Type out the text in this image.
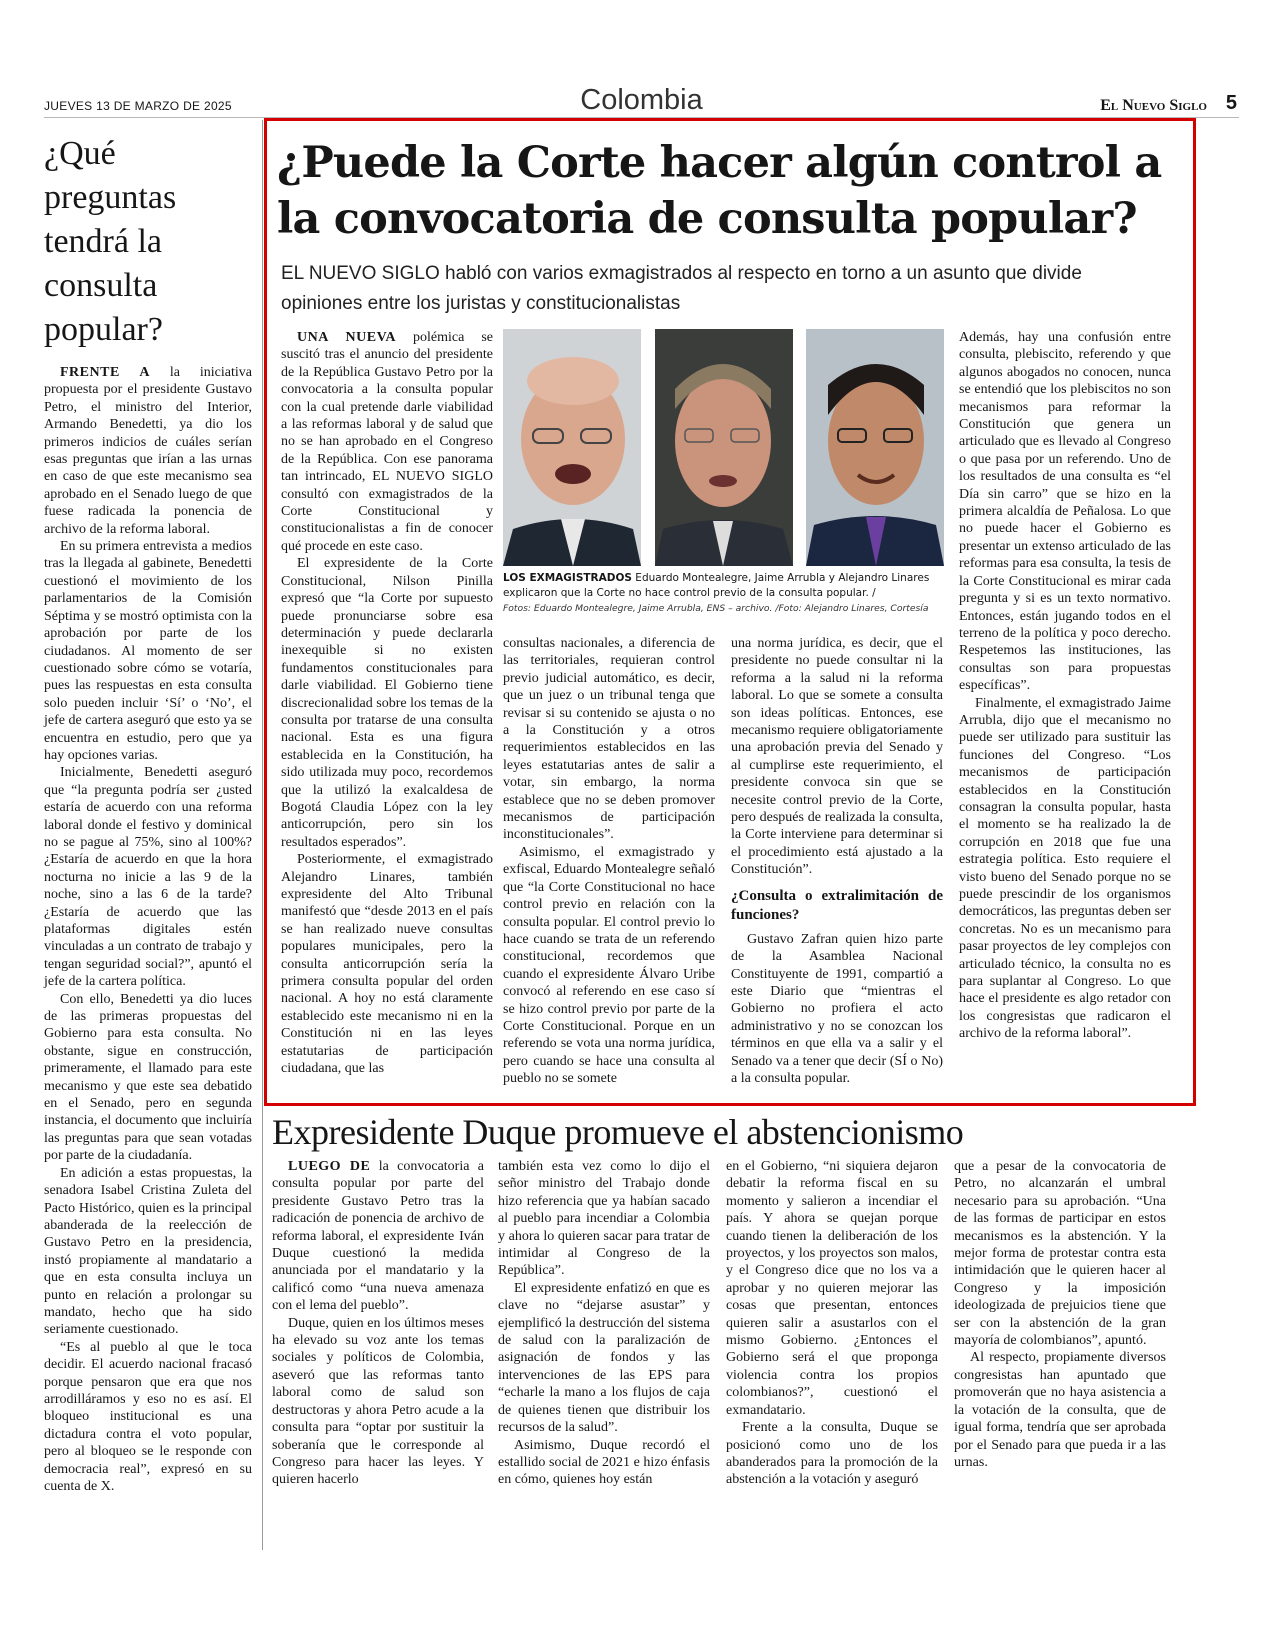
JUEVES 13 DE MARZO DE 2025	Colombia	El Nuevo Siglo 5
¿Qué preguntas tendrá la consulta popular?

FRENTE A la iniciativa propuesta por el presidente Gustavo Petro, el ministro del Interior, Armando Benedetti, ya dio los primeros indicios de cuáles serían esas preguntas que irían a las urnas en caso de que este mecanismo sea aprobado en el Senado luego de que fuese radicada la ponencia de archivo de la reforma laboral.

En su primera entrevista a medios tras la llegada al gabinete, Benedetti cuestionó el movimiento de los parlamentarios de la Comisión Séptima y se mostró optimista con la aprobación por parte de los ciudadanos. Al momento de ser cuestionado sobre cómo se votaría, pues las respuestas en esta consulta solo pueden incluir ‘Sí’ o ‘No’, el jefe de cartera aseguró que esto ya se encuentra en estudio, pero que ya hay opciones varias.

Inicialmente, Benedetti aseguró que “la pregunta podría ser ¿usted estaría de acuerdo con una reforma laboral donde el festivo y dominical no se pague al 75%, sino al 100%? ¿Estaría de acuerdo en que la hora nocturna no inicie a las 9 de la noche, sino a las 6 de la tarde? ¿Estaría de acuerdo que las plataformas digitales estén vinculadas a un contrato de trabajo y tengan seguridad social?”, apuntó el jefe de la cartera política.

Con ello, Benedetti ya dio luces de las primeras propuestas del Gobierno para esta consulta. No obstante, sigue en construcción, primeramente, el llamado para este mecanismo y que este sea debatido en el Senado, pero en segunda instancia, el documento que incluiría las preguntas para que sean votadas por parte de la ciudadanía.

En adición a estas propuestas, la senadora Isabel Cristina Zuleta del Pacto Histórico, quien es la principal abanderada de la reelección de Gustavo Petro en la presidencia, instó propiamente al mandatario a que en esta consulta incluya un punto en relación a prolongar su mandato, hecho que ha sido seriamente cuestionado.

“Es al pueblo al que le toca decidir. El acuerdo nacional fracasó porque pensaron que era que nos arrodilláramos y eso no es así. El bloqueo institucional es una dictadura contra el voto popular, pero al bloqueo se le responde con democracia real”, expresó en su cuenta de X.

¿Puede la Corte hacer algún control a la convocatoria de consulta popular?
EL NUEVO SIGLO habló con varios exmagistrados al respecto en torno a un asunto que divide opiniones entre los juristas y constitucionalistas

UNA NUEVA polémica se suscitó tras el anuncio del presidente de la República Gustavo Petro por la convocatoria a la consulta popular con la cual pretende darle viabilidad a las reformas laboral y de salud que no se han aprobado en el Congreso de la República. Con ese panorama tan intrincado, EL NUEVO SIGLO consultó con exmagistrados de la Corte Constitucional y constitucionalistas a fin de conocer qué procede en este caso.

El expresidente de la Corte Constitucional, Nilson Pinilla expresó que “la Corte por supuesto puede pronunciarse sobre esa determinación y puede declararla inexequible si no existen fundamentos constitucionales para darle viabilidad. El Gobierno tiene discrecionalidad sobre los temas de la consulta por tratarse de una consulta nacional. Esta es una figura establecida en la Constitución, ha sido utilizada muy poco, recordemos que la utilizó la exalcaldesa de Bogotá Claudia López con la ley anticorrupción, pero sin los resultados esperados”.

Posteriormente, el exmagistrado Alejandro Linares, también expresidente del Alto Tribunal manifestó que “desde 2013 en el país se han realizado nueve consultas populares municipales, pero la consulta anticorrupción sería la primera consulta popular del orden nacional. A hoy no está claramente establecido este mecanismo ni en la Constitución ni en las leyes estatutarias de participación ciudadana, que las

LOS EXMAGISTRADOS Eduardo Montealegre, Jaime Arrubla y Alejandro Linares explicaron que la Corte no hace control previo de la consulta popular. /
Fotos: Eduardo Montealegre, Jaime Arrubla, ENS – archivo. /Foto: Alejandro Linares, Cortesía

consultas nacionales, a diferencia de las territoriales, requieran control previo judicial automático, es decir, que un juez o un tribunal tenga que revisar si su contenido se ajusta o no a la Constitución y a otros requerimientos establecidos en las leyes estatutarias antes de salir a votar, sin embargo, la norma establece que no se deben promover mecanismos de participación inconstitucionales”.

Asimismo, el exmagistrado y exfiscal, Eduardo Montealegre señaló que “la Corte Constitucional no hace control previo en relación con la consulta popular. El control previo lo hace cuando se trata de un referendo constitucional, recordemos que cuando el expresidente Álvaro Uribe convocó al referendo en ese caso sí se hizo control previo por parte de la Corte Constitucional. Porque en un referendo se vota una norma jurídica, pero cuando se hace una consulta al pueblo no se somete

una norma jurídica, es decir, que el presidente no puede consultar ni la reforma a la salud ni la reforma laboral. Lo que se somete a consulta son ideas políticas. Entonces, ese mecanismo requiere obligatoriamente una aprobación previa del Senado y al cumplirse este requerimiento, el presidente convoca sin que se necesite control previo de la Corte, pero después de realizada la consulta, la Corte interviene para determinar si el procedimiento está ajustado a la Constitución”.

¿Consulta o extralimitación de funciones?

Gustavo Zafran quien hizo parte de la Asamblea Nacional Constituyente de 1991, compartió a este Diario que “mientras el Gobierno no profiera el acto administrativo y no se conozcan los términos en que ella va a salir y el Senado va a tener que decir (SÍ o No) a la consulta popular.

Además, hay una confusión entre consulta, plebiscito, referendo y que algunos abogados no conocen, nunca se entendió que los plebiscitos no son mecanismos para reformar la Constitución que genera un articulado que es llevado al Congreso o que pasa por un referendo. Uno de los resultados de una consulta es “el Día sin carro” que se hizo en la primera alcaldía de Peñalosa. Lo que no puede hacer el Gobierno es presentar un extenso articulado de las reformas para esa consulta, la tesis de la Corte Constitucional es mirar cada pregunta y si es un texto normativo. Entonces, están jugando todos en el terreno de la política y poco derecho. Respetemos las instituciones, las consultas son para propuestas específicas”.

Finalmente, el exmagistrado Jaime Arrubla, dijo que el mecanismo no puede ser utilizado para sustituir las funciones del Congreso. “Los mecanismos de participación establecidos en la Constitución consagran la consulta popular, hasta el momento se ha realizado la de corrupción en 2018 que fue una estrategia política. Esto requiere el visto bueno del Senado porque no se puede prescindir de los organismos democráticos, las preguntas deben ser concretas. No es un mecanismo para pasar proyectos de ley complejos con articulado técnico, la consulta no es para suplantar al Congreso. Lo que hace el presidente es algo retador con los congresistas que radicaron el archivo de la reforma laboral”.

Expresidente Duque promueve el abstencionismo

LUEGO DE la convocatoria a consulta popular por parte del presidente Gustavo Petro tras la radicación de ponencia de archivo de reforma laboral, el expresidente Iván Duque cuestionó la medida anunciada por el mandatario y la calificó como “una nueva amenaza con el lema del pueblo”.

Duque, quien en los últimos meses ha elevado su voz ante los temas sociales y políticos de Colombia, aseveró que las reformas tanto laboral como de salud son destructoras y ahora Petro acude a la consulta para “optar por sustituir la soberanía que le corresponde al Congreso para hacer las leyes. Y quieren hacerlo

también esta vez como lo dijo el señor ministro del Trabajo donde hizo referencia que ya habían sacado al pueblo para incendiar a Colombia y ahora lo quieren sacar para tratar de intimidar al Congreso de la República”.

El expresidente enfatizó en que es clave no “dejarse asustar” y ejemplificó la destrucción del sistema de salud con la paralización de asignación de fondos y las intervenciones de las EPS para “echarle la mano a los flujos de caja de quienes tienen que distribuir los recursos de la salud”.

Asimismo, Duque recordó el estallido social de 2021 e hizo énfasis en cómo, quienes hoy están

en el Gobierno, “ni siquiera dejaron debatir la reforma fiscal en su momento y salieron a incendiar el país. Y ahora se quejan porque cuando tienen la deliberación de los proyectos, y los proyectos son malos, y el Congreso dice que no los va a aprobar y no quieren mejorar las cosas que presentan, entonces quieren salir a asustarlos con el mismo Gobierno. ¿Entonces el Gobierno será el que proponga violencia contra los propios colombianos?”, cuestionó el exmandatario.

Frente a la consulta, Duque se posicionó como uno de los abanderados para la promoción de la abstención a la votación y aseguró

que a pesar de la convocatoria de Petro, no alcanzarán el umbral necesario para su aprobación. “Una de las formas de participar en estos mecanismos es la abstención. Y la mejor forma de protestar contra esta intimidación que le quieren hacer al Congreso y la imposición ideologizada de prejuicios tiene que ser con la abstención de la gran mayoría de colombianos”, apuntó.

Al respecto, propiamente diversos congresistas han apuntado que promoverán que no haya asistencia a la votación de la consulta, que de igual forma, tendría que ser aprobada por el Senado para que pueda ir a las urnas.
